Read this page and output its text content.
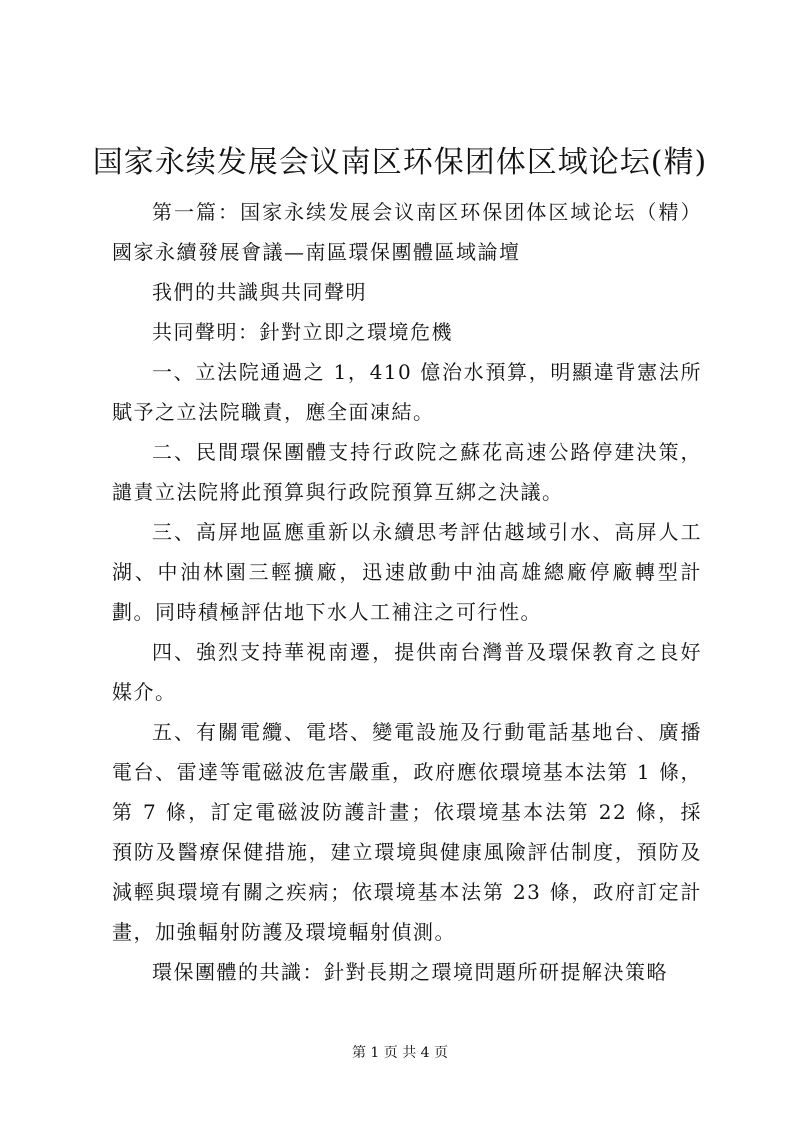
国家永续发展会议南区环保团体区域论坛(精)

第一篇：国家永续发展会议南区环保团体区域论坛（精）國家永續發展會議—南區環保團體區域論壇

我們的共識與共同聲明

共同聲明：針對立即之環境危機

一、立法院通過之 1，410 億治水預算，明顯違背憲法所賦予之立法院職責，應全面凍結。

二、民間環保團體支持行政院之蘇花高速公路停建決策，譴責立法院將此預算與行政院預算互綁之決議。

三、高屏地區應重新以永續思考評估越域引水、高屏人工湖、中油林園三輕擴廠，迅速啟動中油高雄總廠停廠轉型計劃。同時積極評估地下水人工補注之可行性。

四、強烈支持華視南遷，提供南台灣普及環保教育之良好媒介。

五、有關電纜、電塔、變電設施及行動電話基地台、廣播電台、雷達等電磁波危害嚴重，政府應依環境基本法第 1 條，第 7 條，訂定電磁波防護計畫；依環境基本法第 22 條，採預防及醫療保健措施，建立環境與健康風險評估制度，預防及減輕與環境有關之疾病；依環境基本法第 23 條，政府訂定計畫，加強輻射防護及環境輻射偵測。

環保團體的共識：針對長期之環境問題所研提解決策略

第 1 页 共 4 页
